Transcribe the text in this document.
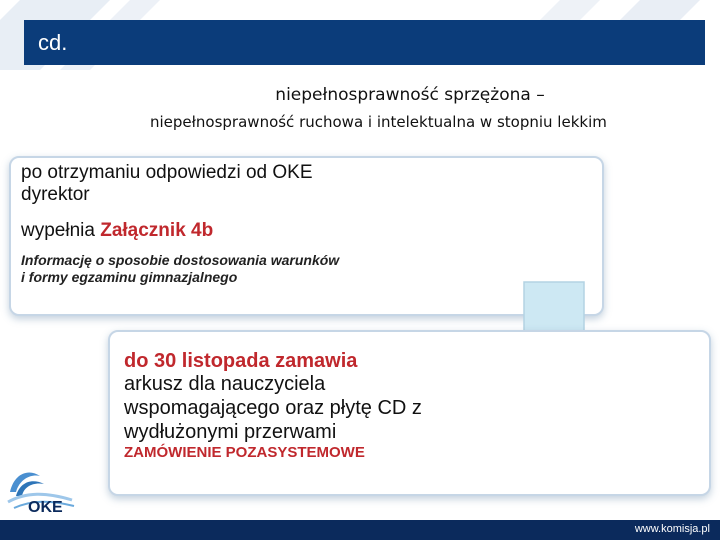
cd.
niepełnosprawność sprzężona –
niepełnosprawność ruchowa i intelektualna w stopniu lekkim
po otrzymaniu odpowiedzi od OKE
dyrektor
wypełnia Załącznik 4b
Informację o sposobie dostosowania warunków
i formy egzaminu gimnazjalnego
do 30 listopada zamawia
arkusz dla nauczyciela
wspomagającego oraz płytę CD z
wydłużonymi przerwami
ZAMÓWIENIE POZASYSTEMOWE
OKE
www.komisja.pl
